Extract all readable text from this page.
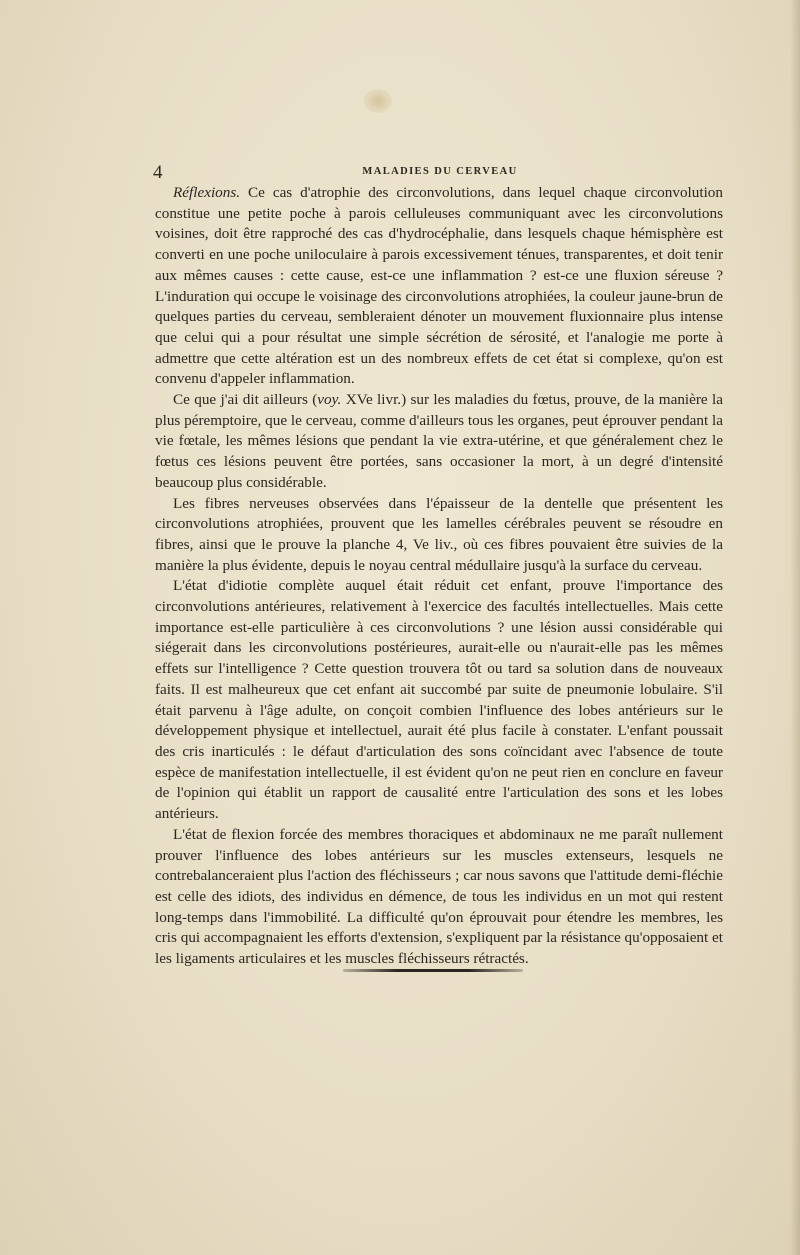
4	MALADIES DU CERVEAU

Réflexions. Ce cas d'atrophie des circonvolutions, dans lequel chaque circonvolution constitue une petite poche à parois celluleuses communiquant avec les circonvolutions voisines, doit être rapproché des cas d'hydrocéphalie, dans lesquels chaque hémisphère est converti en une poche uniloculaire à parois excessivement ténues, transparentes, et doit tenir aux mêmes causes : cette cause, est-ce une inflammation ? est-ce une fluxion séreuse ? L'induration qui occupe le voisinage des circonvolutions atrophiées, la couleur jaune-brun de quelques parties du cerveau, sembleraient dénoter un mouvement fluxionnaire plus intense que celui qui a pour résultat une simple sécrétion de sérosité, et l'analogie me porte à admettre que cette altération est un des nombreux effets de cet état si complexe, qu'on est convenu d'appeler inflammation.

Ce que j'ai dit ailleurs (voy. XVe livr.) sur les maladies du fœtus, prouve, de la manière la plus péremptoire, que le cerveau, comme d'ailleurs tous les organes, peut éprouver pendant la vie fœtale, les mêmes lésions que pendant la vie extra-utérine, et que généralement chez le fœtus ces lésions peuvent être portées, sans occasioner la mort, à un degré d'intensité beaucoup plus considérable.

Les fibres nerveuses observées dans l'épaisseur de la dentelle que présentent les circonvolutions atrophiées, prouvent que les lamelles cérébrales peuvent se résoudre en fibres, ainsi que le prouve la planche 4, Ve liv., où ces fibres pouvaient être suivies de la manière la plus évidente, depuis le noyau central médullaire jusqu'à la surface du cerveau.

L'état d'idiotie complète auquel était réduit cet enfant, prouve l'importance des circonvolutions antérieures, relativement à l'exercice des facultés intellectuelles. Mais cette importance est-elle particulière à ces circonvolutions ? une lésion aussi considérable qui siégerait dans les circonvolutions postérieures, aurait-elle ou n'aurait-elle pas les mêmes effets sur l'intelligence ? Cette question trouvera tôt ou tard sa solution dans de nouveaux faits. Il est malheureux que cet enfant ait succombé par suite de pneumonie lobulaire. S'il était parvenu à l'âge adulte, on conçoit combien l'influence des lobes antérieurs sur le développement physique et intellectuel, aurait été plus facile à constater. L'enfant poussait des cris inarticulés : le défaut d'articulation des sons coïncidant avec l'absence de toute espèce de manifestation intellectuelle, il est évident qu'on ne peut rien en conclure en faveur de l'opinion qui établit un rapport de causalité entre l'articulation des sons et les lobes antérieurs.

L'état de flexion forcée des membres thoraciques et abdominaux ne me paraît nullement prouver l'influence des lobes antérieurs sur les muscles extenseurs, lesquels ne contrebalanceraient plus l'action des fléchisseurs ; car nous savons que l'attitude demi-fléchie est celle des idiots, des individus en démence, de tous les individus en un mot qui restent long-temps dans l'immobilité. La difficulté qu'on éprouvait pour étendre les membres, les cris qui accompagnaient les efforts d'extension, s'expliquent par la résistance qu'opposaient et les ligaments articulaires et les muscles fléchisseurs rétractés.
